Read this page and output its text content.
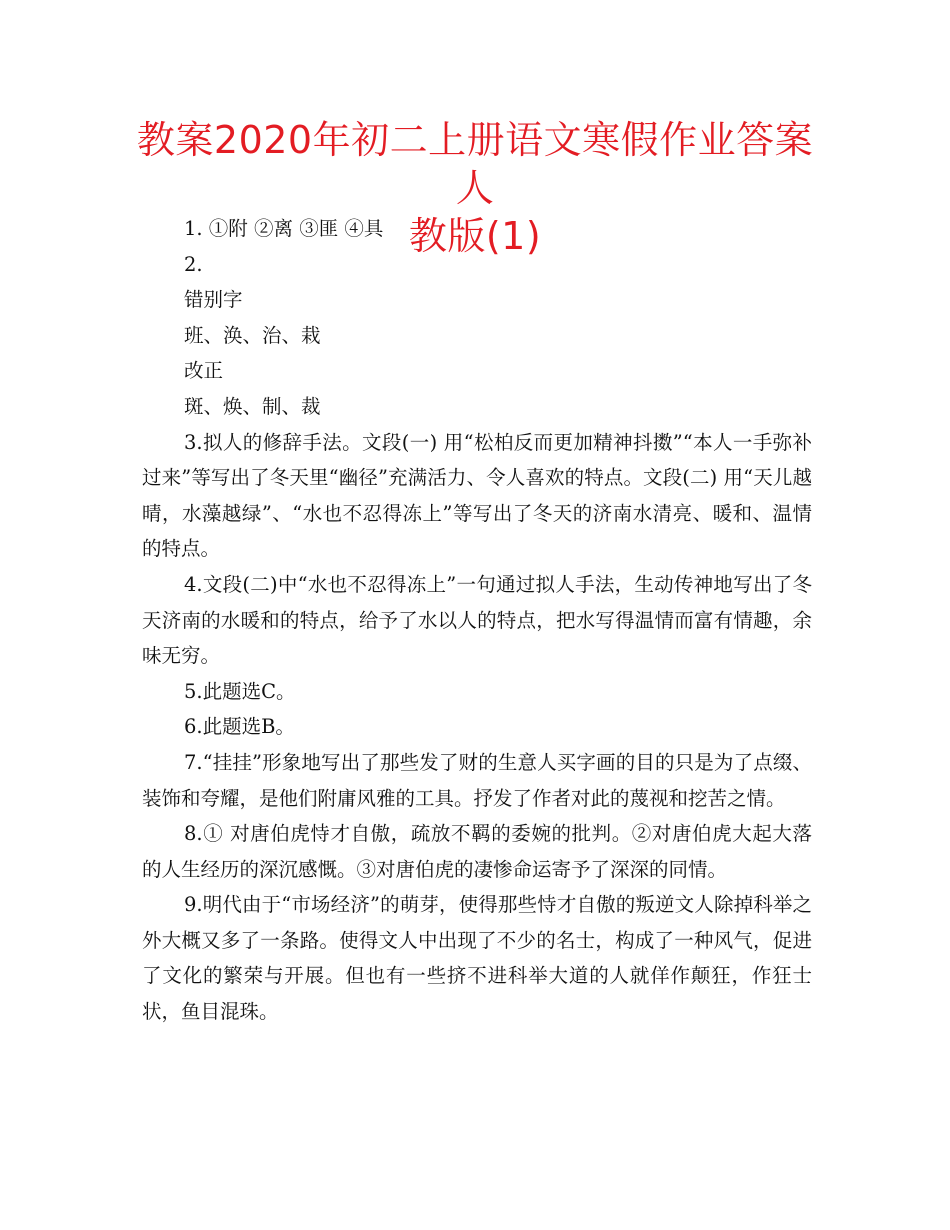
教案2020年初二上册语文寒假作业答案人
教版(1)
1. ①附 ②离 ③匪 ④具
2.
错别字
班、涣、治、栽
改正
斑、焕、制、裁
3.拟人的修辞手法。文段(一) 用“松柏反而更加精神抖擞”“本人一手弥补过来”等写出了冬天里“幽径”充满活力、令人喜欢的特点。文段(二) 用“天儿越晴，水藻越绿”、“水也不忍得冻上”等写出了冬天的济南水清亮、暖和、温情的特点。
4.文段(二)中“水也不忍得冻上”一句通过拟人手法，生动传神地写出了冬天济南的水暖和的特点，给予了水以人的特点，把水写得温情而富有情趣，余味无穷。
5.此题选C。
6.此题选B。
7.“挂挂”形象地写出了那些发了财的生意人买字画的目的只是为了点缀、装饰和夸耀，是他们附庸风雅的工具。抒发了作者对此的蔑视和挖苦之情。
8.① 对唐伯虎恃才自傲，疏放不羁的委婉的批判。②对唐伯虎大起大落的人生经历的深沉感慨。③对唐伯虎的凄惨命运寄予了深深的同情。
9.明代由于“市场经济”的萌芽，使得那些恃才自傲的叛逆文人除掉科举之外大概又多了一条路。使得文人中出现了不少的名士，构成了一种风气，促进了文化的繁荣与开展。但也有一些挤不进科举大道的人就佯作颠狂，作狂士状，鱼目混珠。
